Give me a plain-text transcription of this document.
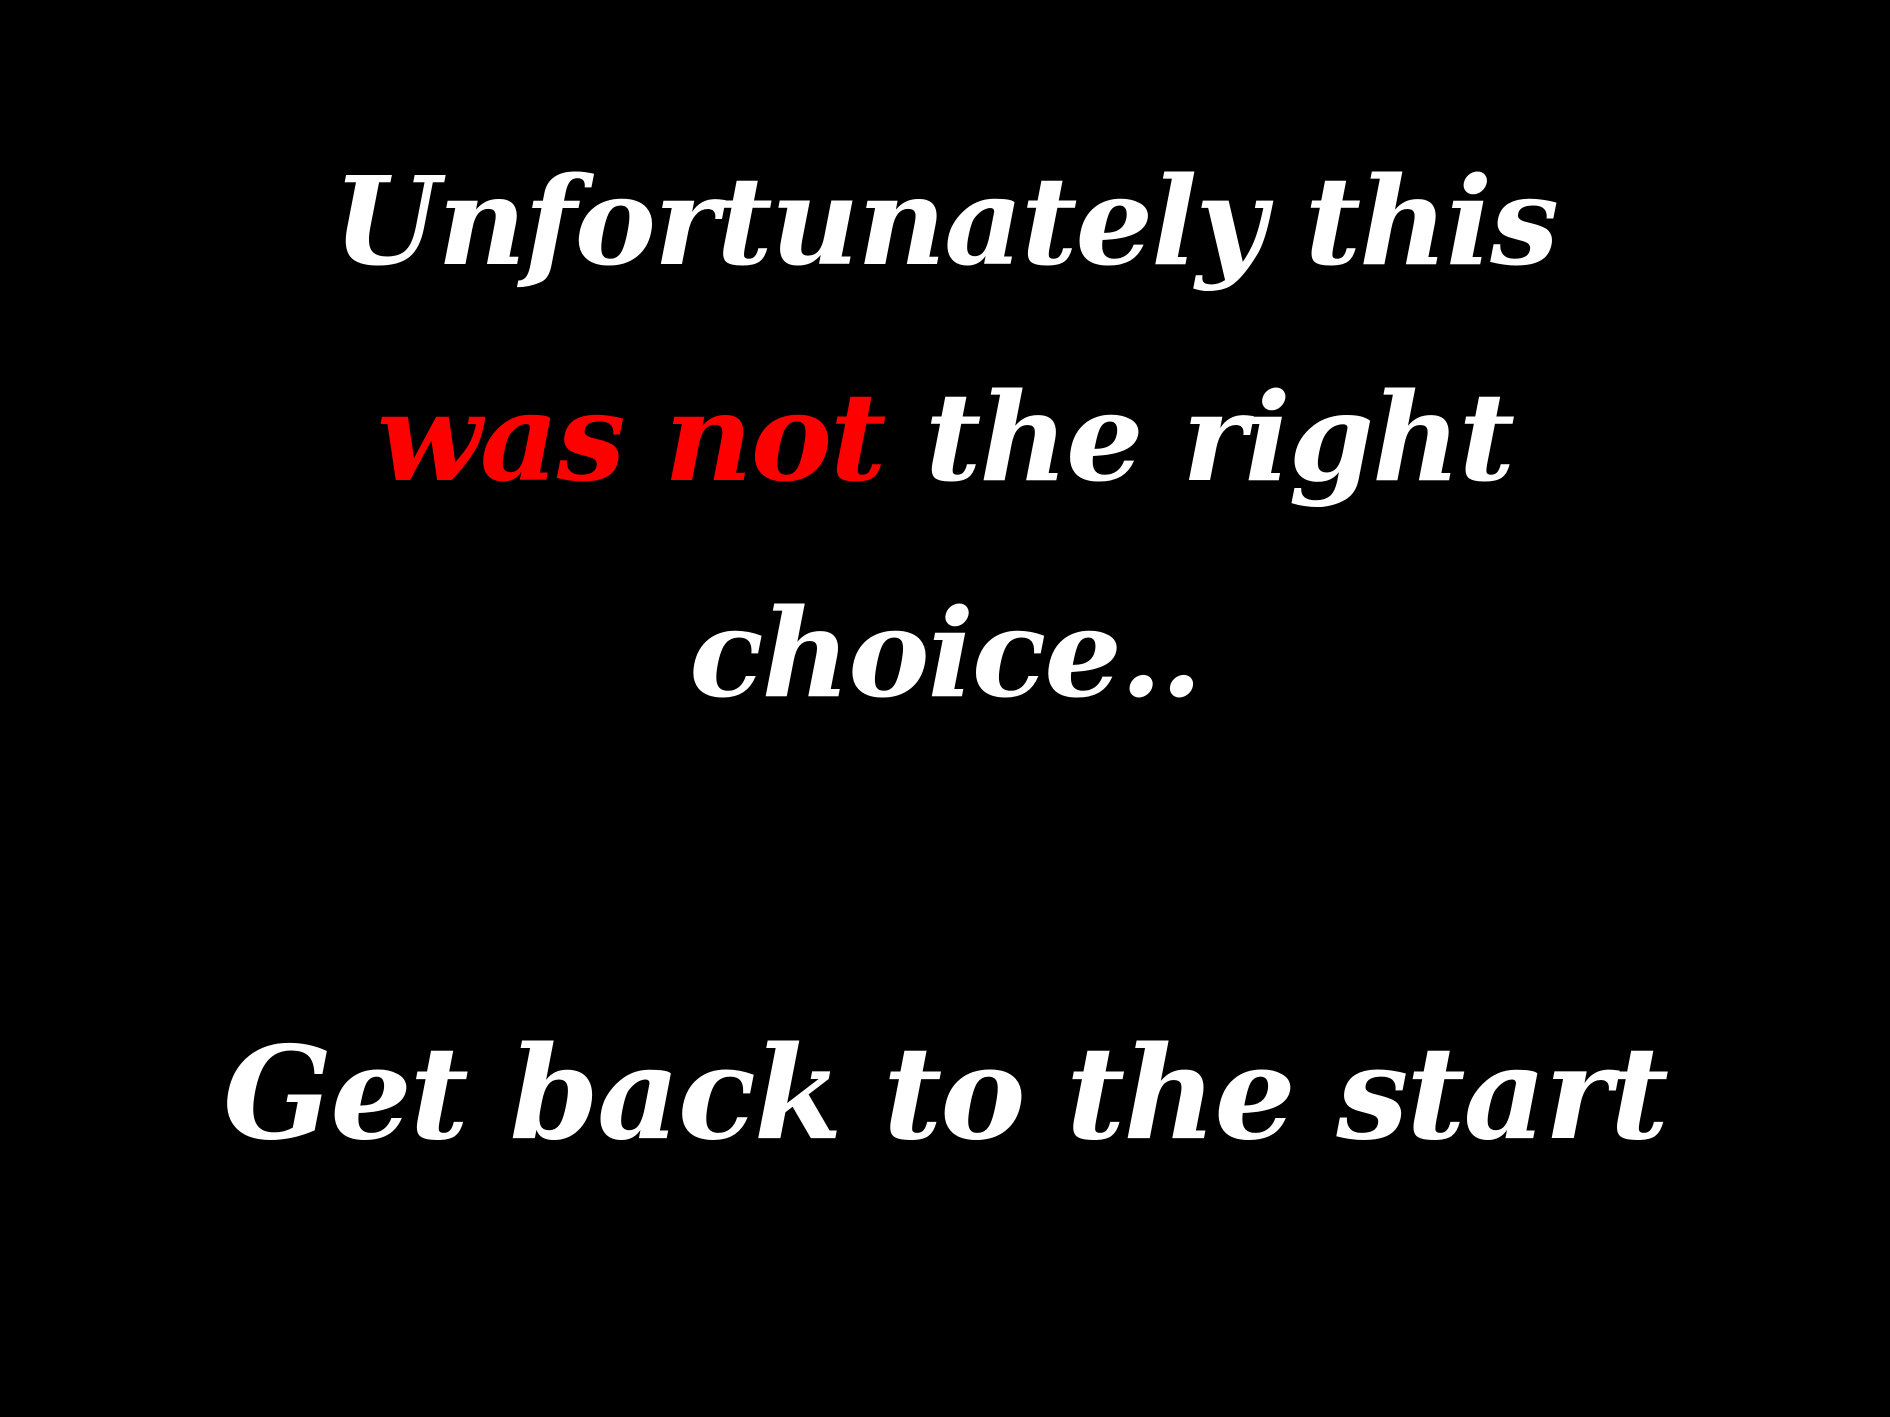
Unfortunately this
was not the right
choice..
Get back to the start
